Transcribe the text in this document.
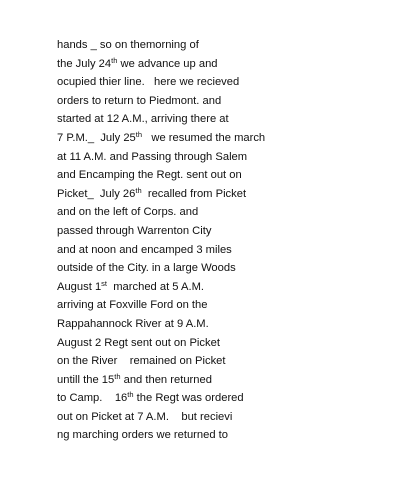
hands _ so on themorning of
the July 24th we advance up and
ocupied thier line.   here we recieved
orders to return to Piedmont. and
started at 12 A.M., arriving there at
7 P.M._  July 25th   we resumed the march
at 11 A.M. and Passing through Salem
and Encamping the Regt. sent out on
Picket_  July 26th  recalled from Picket
and on the left of Corps. and
passed through Warrenton City
and at noon and encamped 3 miles
outside of the City. in a large Woods
August 1st  marched at 5 A.M.
arriving at Foxville Ford on the
Rappahannock River at 9 A.M.
August 2 Regt sent out on Picket
on the River    remained on Picket
untill the 15th and then returned
to Camp.    16th the Regt was ordered
out on Picket at 7 A.M.    but recievi
ng marching orders we returned to
